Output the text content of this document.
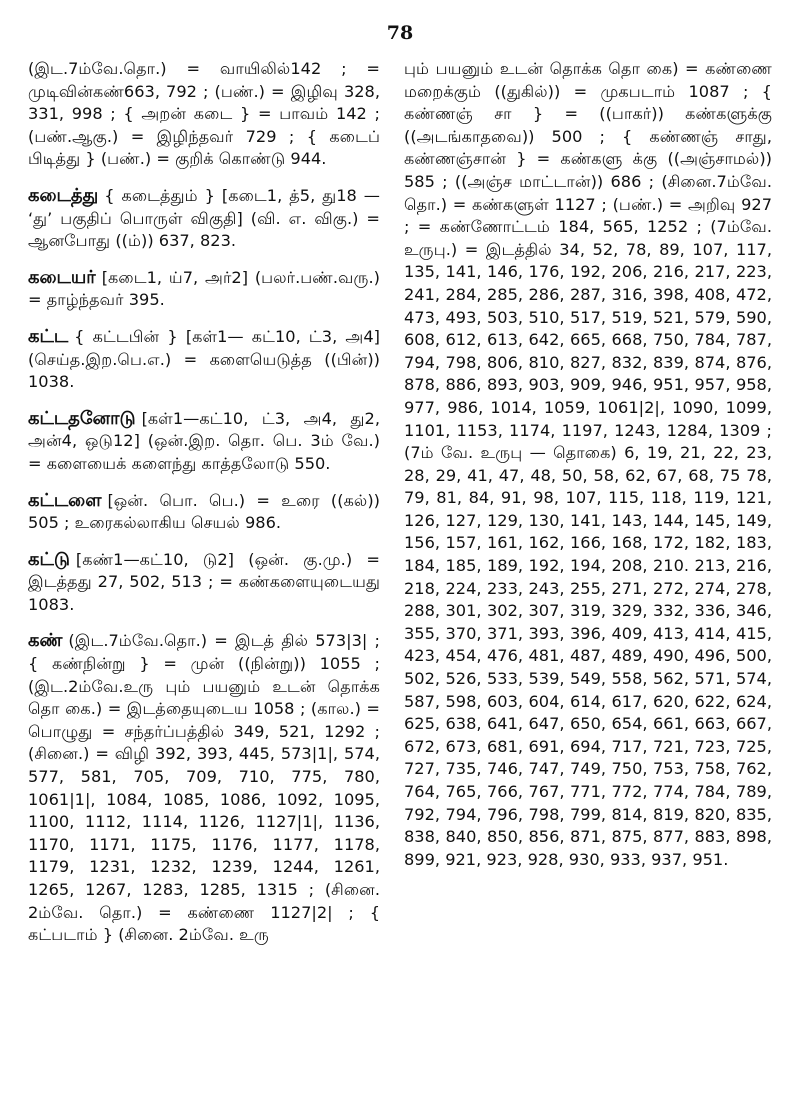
78

(இட.7ம்வே.தொ.) = வாயிலில்142 ; = முடிவின்கண்663, 792 ; (பண்.) = இழிவு 328, 331, 998 ; { அறன் கடை } = பாவம் 142 ; (பண்.ஆகு.) = இழிந்தவர் 729 ; { கடைப் பிடித்து } (பண்.) = குறிக் கொண்டு 944.

கடைத்து { கடைத்தும் } [கடை1, த்5, து18 — ‘து’ பகுதிப் பொருள் விகுதி] (வி. எ. விகு.) = ஆனபோது ((ம்)) 637, 823.

கடையர் [கடை1, ய்7, அர்2] (பலர்.பண்.வரு.) = தாழ்ந்தவர் 395.

கட்ட { கட்டபின் } [கள்1— கட்10, ட்3, அ4] (செய்த.இற.பெ.எ.) = களையெடுத்த ((பின்)) 1038.

கட்டதனோடு [கள்1—கட்10, ட்3, அ4, து2, அன்4, ஒடு12] (ஒன்.இற. தொ. பெ. 3ம் வே.) = களையைக் களைந்து காத்தலோடு 550.

கட்டளை [ஒன். பொ. பெ.) = உரை ((கல்)) 505 ; உரைகல்லாகிய செயல் 986.

கட்டு [கண்1—கட்10, டு2] (ஒன். கு.மு.) = இடத்தது 27, 502, 513 ; = கண்களையுடையது 1083.

கண் (இட.7ம்வே.தொ.) = இடத் தில் 573|3| ; { கண்நின்று } = முன் ((நின்று)) 1055 ; (இட.2ம்வே.உரு பும் பயனும் உடன் தொக்க தொ கை.) = இடத்தையுடைய 1058 ; (கால.) = பொழுது = சந்தர்ப்பத்தில் 349, 521, 1292 ; (சினை.) = விழி 392, 393, 445, 573|1|, 574, 577, 581, 705, 709, 710, 775, 780, 1061|1|, 1084, 1085, 1086, 1092, 1095, 1100, 1112, 1114, 1126, 1127|1|, 1136, 1170, 1171, 1175, 1176, 1177, 1178, 1179, 1231, 1232, 1239, 1244, 1261, 1265, 1267, 1283, 1285, 1315 ; (சினை. 2ம்வே. தொ.) = கண்ணை 1127|2| ; { கட்படாம் } (சினை. 2ம்வே. உரு

பும் பயனும் உடன் தொக்க தொ கை) = கண்ணை மறைக்கும் ((துகில்)) = முகபடாம் 1087 ; { கண்ணஞ் சா } = ((பாகர்)) கண்களுக்கு ((அடங்காதவை)) 500 ; { கண்ணஞ் சாது, கண்ணஞ்சான் } = கண்களு க்கு ((அஞ்சாமல்)) 585 ; ((அஞ்ச மாட்டான்)) 686 ; (சினை.7ம்வே. தொ.) = கண்களுள் 1127 ; (பண்.) = அறிவு 927 ; = கண்ணோட்டம் 184, 565, 1252 ; (7ம்வே. உருபு.) = இடத்தில் 34, 52, 78, 89, 107, 117, 135, 141, 146, 176, 192, 206, 216, 217, 223, 241, 284, 285, 286, 287, 316, 398, 408, 472, 473, 493, 503, 510, 517, 519, 521, 579, 590, 608, 612, 613, 642, 665, 668, 750, 784, 787, 794, 798, 806, 810, 827, 832, 839, 874, 876, 878, 886, 893, 903, 909, 946, 951, 957, 958, 977, 986, 1014, 1059, 1061|2|, 1090, 1099, 1101, 1153, 1174, 1197, 1243, 1284, 1309 ; (7ம் வே. உருபு — தொகை) 6, 19, 21, 22, 23, 28, 29, 41, 47, 48, 50, 58, 62, 67, 68, 75 78, 79, 81, 84, 91, 98, 107, 115, 118, 119, 121, 126, 127, 129, 130, 141, 143, 144, 145, 149, 156, 157, 161, 162, 166, 168, 172, 182, 183, 184, 185, 189, 192, 194, 208, 210. 213, 216, 218, 224, 233, 243, 255, 271, 272, 274, 278, 288, 301, 302, 307, 319, 329, 332, 336, 346, 355, 370, 371, 393, 396, 409, 413, 414, 415, 423, 454, 476, 481, 487, 489, 490, 496, 500, 502, 526, 533, 539, 549, 558, 562, 571, 574, 587, 598, 603, 604, 614, 617, 620, 622, 624, 625, 638, 641, 647, 650, 654, 661, 663, 667, 672, 673, 681, 691, 694, 717, 721, 723, 725, 727, 735, 746, 747, 749, 750, 753, 758, 762, 764, 765, 766, 767, 771, 772, 774, 784, 789, 792, 794, 796, 798, 799, 814, 819, 820, 835, 838, 840, 850, 856, 871, 875, 877, 883, 898, 899, 921, 923, 928, 930, 933, 937, 951.
